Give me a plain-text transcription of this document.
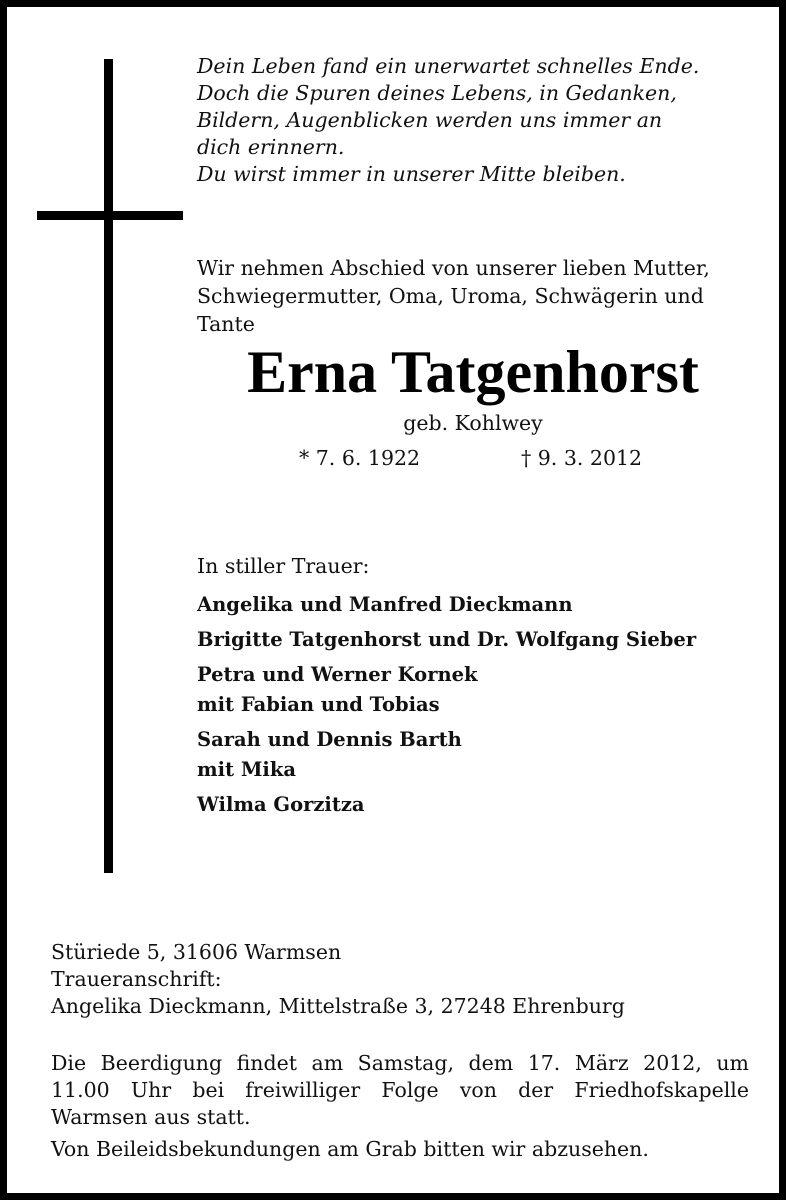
Dein Leben fand ein unerwartet schnelles Ende.
Doch die Spuren deines Lebens, in Gedanken,
Bildern, Augenblicken werden uns immer an
dich erinnern.
Du wirst immer in unserer Mitte bleiben.
Wir nehmen Abschied von unserer lieben Mutter,
Schwiegermutter, Oma, Uroma, Schwägerin und
Tante
Erna Tatgenhorst
geb. Kohlwey
* 7. 6. 1922	† 9. 3. 2012
In stiller Trauer:
Angelika und Manfred Dieckmann
Brigitte Tatgenhorst und Dr. Wolfgang Sieber
Petra und Werner Kornek
mit Fabian und Tobias
Sarah und Dennis Barth
mit Mika
Wilma Gorzitza
Stüriede 5, 31606 Warmsen
Traueranschrift:
Angelika Dieckmann, Mittelstraße 3, 27248 Ehrenburg
Die Beerdigung findet am Samstag, dem 17. März 2012, um
11.00 Uhr bei freiwilliger Folge von der Friedhofskapelle
Warmsen aus statt.
Von Beileidsbekundungen am Grab bitten wir abzusehen.
